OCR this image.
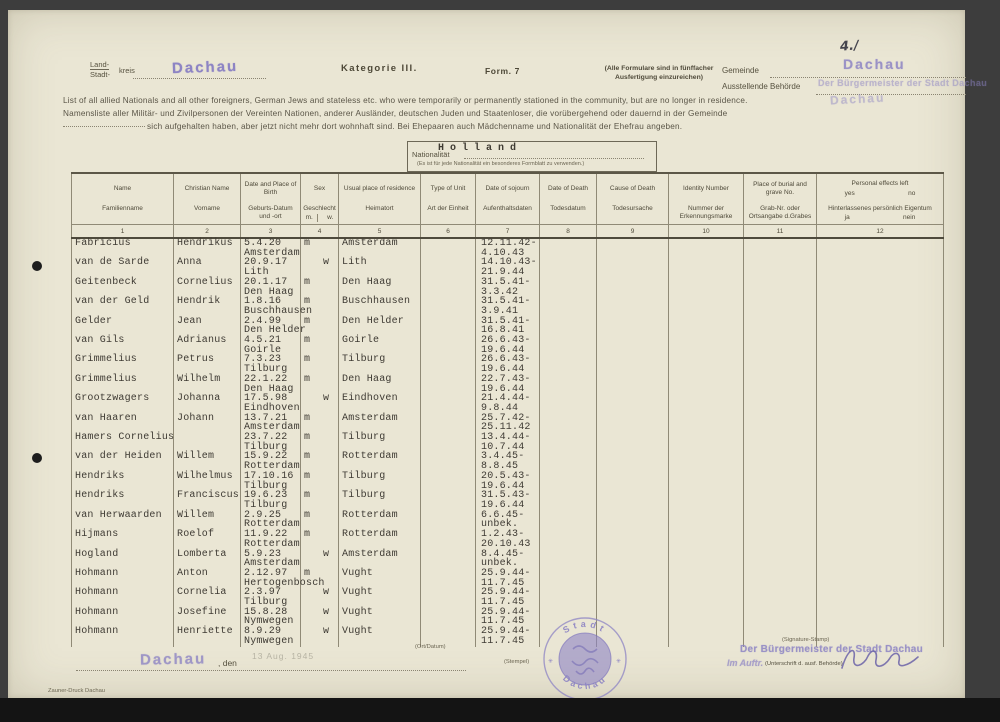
4./
Land-
Stadt- kreis Dachau	Kategorie III.	Form. 7	(Alle Formulare sind in fünffacher
Ausfertigung einzureichen)
Gemeinde	Dachau
Ausstellende Behörde Der Bürgermeister der Stadt Dachau
Dachau
List of all allied Nationals and all other foreigners, German Jews and stateless etc. who were temporarily or permanently stationed in the community, but are no longer in residence.
Namensliste aller Militär- und Zivilpersonen der Vereinten Nationen, anderer Ausländer, deutschen Juden und Staatenloser, die vorübergehend oder dauernd in der Gemeinde
sich aufgehalten haben, aber jetzt nicht mehr dort wohnhaft sind. Bei Ehepaaren auch Mädchenname und Nationalität der Ehefrau angeben.
Holland
Nationalität
(Es ist für jede Nationalität ein besonderes Formblatt zu verwenden.)
Name	Christian Name	Date and Place of Birth	Sex	Usual place of residence	Type of Unit	Date of sojourn	Date of Death	Cause of Death	Identity Number	Place of burial and grave No.	Personal effects left
yes no

Familienname	Vorname	Geburts-Datum und -ort	Geschlecht
m. w.	Heimatort	Art der Einheit	Aufenthaltsdaten	Todesdatum	Todesursache	Nummer der Erkennungsmarke	Grab-Nr. oder Ortsangabe d.Grabes	Hinterlassenes persönlich Eigentum
ja nein

1	2	3	4	5	6	7	8	9	10	11	12

Fabricius	Hendrikus	5.4.20
Amsterdam	m	Amsterdam		12.11.42-
4.10.43					

van de Sarde	Anna	20.9.17
Lith	w	Lith		14.10.43-
21.9.44					

Geitenbeck	Cornelius	20.1.17
Den Haag	m	Den Haag		31.5.41-
3.3.42					

van der Geld	Hendrik	1.8.16
Buschhausen	m	Buschhausen		31.5.41-
3.9.41					

Gelder	Jean	2.4.99
Den Helder	m	Den Helder		31.5.41-
16.8.41					

van Gils	Adrianus	4.5.21
Goirle	m	Goirle		26.6.43-
19.6.44					

Grimmelius	Petrus	7.3.23
Tilburg	m	Tilburg		26.6.43-
19.6.44					

Grimmelius	Wilhelm	22.1.22
Den Haag	m	Den Haag		22.7.43-
19.6.44					

Grootzwagers	Johanna	17.5.98
Eindhoven	w	Eindhoven		21.4.44-
9.8.44					

van Haaren	Johann	13.7.21
Amsterdam	m	Amsterdam		25.7.42-
25.11.42					

Hamers Cornelius		23.7.22
Tilburg	m	Tilburg		13.4.44-
10.7.44					

van der Heiden	Willem	15.9.22
Rotterdam	m	Rotterdam		3.4.45-
8.8.45					

Hendriks	Wilhelmus	17.10.16
Tilburg	m	Tilburg		20.5.43-
19.6.44					

Hendriks	Franciscus	19.6.23
Tilburg	m	Tilburg		31.5.43-
19.6.44					

van Herwaarden	Willem	2.9.25
Rotterdam	m	Rotterdam		6.6.45-
unbek.					

Hijmans	Roelof	11.9.22
Rotterdam	m	Rotterdam		1.2.43-
20.10.43					

Hogland	Lomberta	5.9.23
Amsterdam	w	Amsterdam		8.4.45-
unbek.					

Hohmann	Anton	2.12.97
Hertogenbosch	m	Vught		25.9.44-
11.7.45					

Hohmann	Cornelia	2.3.97
Tilburg	w	Vught		25.9.44-
11.7.45					

Hohmann	Josefine	15.8.28
Nymwegen	w	Vught		25.9.44-
11.7.45					

Hohmann	Henriette	8.9.29
Nymwegen	w	Vught		25.9.44-
11.7.45					

(Ort/Datum)
Dachau	13 Aug. 1945
, den
Zauner-Druck Dachau
(Stempel)
Stadt
Dachau
✳	✳
(Signature-Stamp)
Der Bürgermeister der Stadt Dachau
Im Auftr. (Unterschrift d. ausf. Behörde)
